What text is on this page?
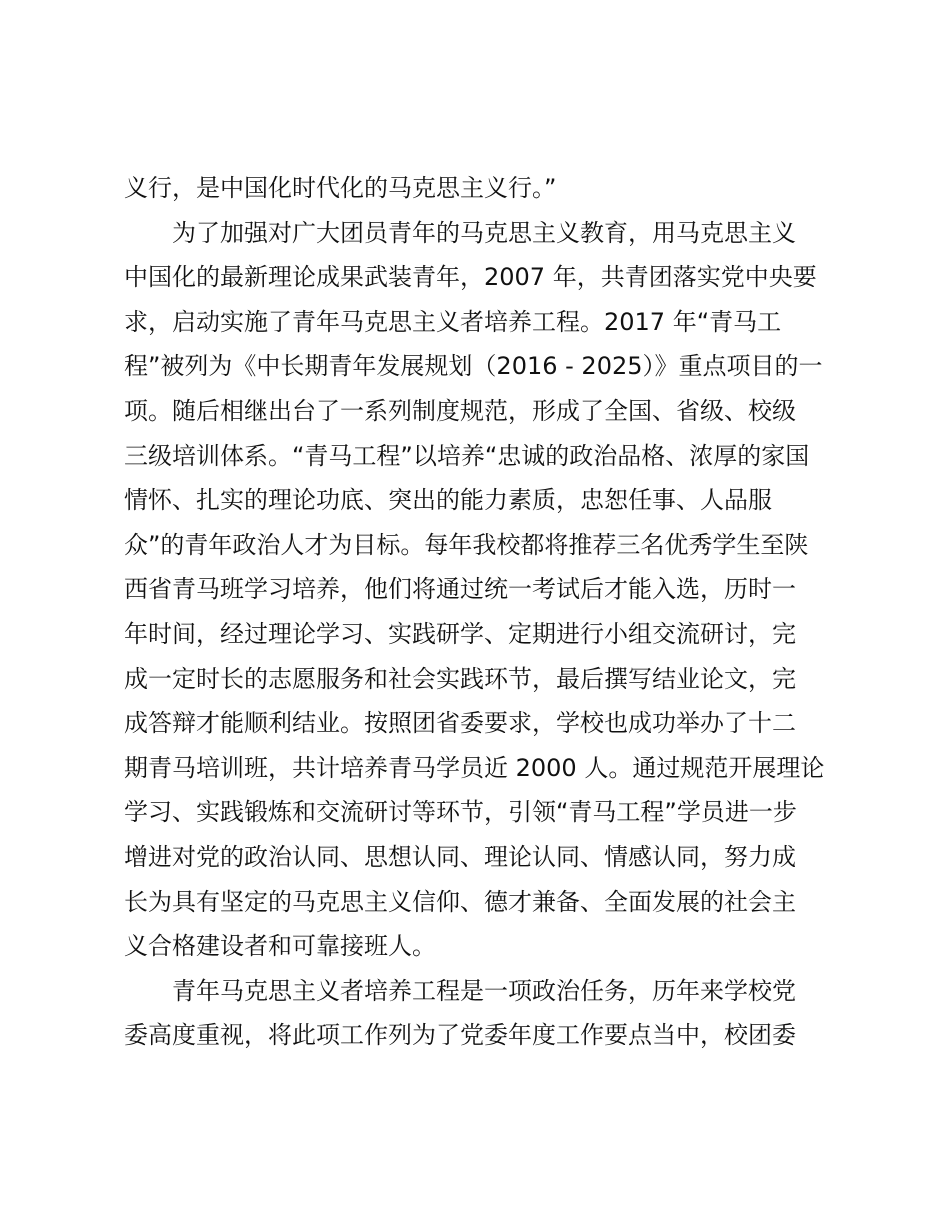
义行，是中国化时代化的马克思主义行。”
为了加强对广大团员青年的马克思主义教育，用马克思主义
中国化的最新理论成果武装青年，2007 年，共青团落实党中央要
求，启动实施了青年马克思主义者培养工程。2017 年“青马工
程”被列为《中长期青年发展规划（2016 - 2025）》重点项目的一
项。随后相继出台了一系列制度规范，形成了全国、省级、校级
三级培训体系。“青马工程”以培养“忠诚的政治品格、浓厚的家国
情怀、扎实的理论功底、突出的能力素质，忠恕任事、人品服
众”的青年政治人才为目标。每年我校都将推荐三名优秀学生至陕
西省青马班学习培养，他们将通过统一考试后才能入选，历时一
年时间，经过理论学习、实践研学、定期进行小组交流研讨，完
成一定时长的志愿服务和社会实践环节，最后撰写结业论文，完
成答辩才能顺利结业。按照团省委要求，学校也成功举办了十二
期青马培训班，共计培养青马学员近 2000 人。通过规范开展理论
学习、实践锻炼和交流研讨等环节，引领“青马工程”学员进一步
增进对党的政治认同、思想认同、理论认同、情感认同，努力成
长为具有坚定的马克思主义信仰、德才兼备、全面发展的社会主
义合格建设者和可靠接班人。
青年马克思主义者培养工程是一项政治任务，历年来学校党
委高度重视，将此项工作列为了党委年度工作要点当中，校团委
